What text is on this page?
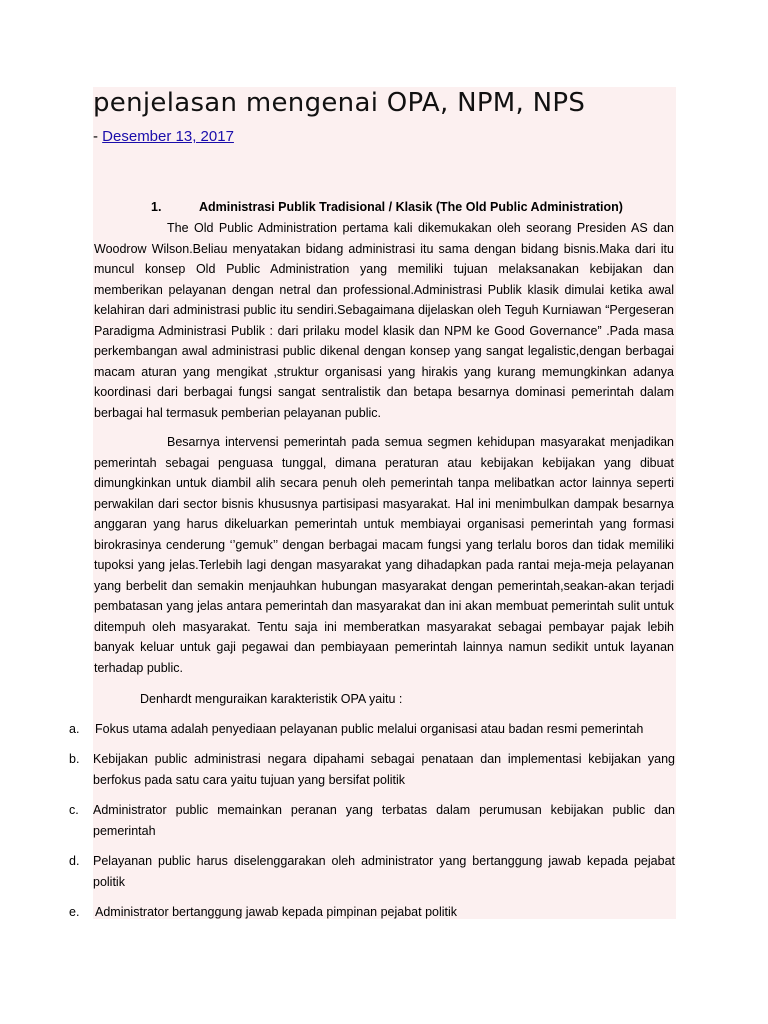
penjelasan mengenai OPA, NPM, NPS
- Desember 13, 2017
1.	Administrasi Publik Tradisional / Klasik (The Old Public Administration)

The Old Public Administration pertama kali dikemukakan oleh seorang Presiden AS dan Woodrow Wilson.Beliau menyatakan bidang administrasi itu sama dengan bidang bisnis.Maka dari itu muncul konsep Old Public Administration yang memiliki tujuan melaksanakan kebijakan dan memberikan pelayanan dengan netral dan professional.Administrasi Publik klasik dimulai ketika awal kelahiran dari administrasi public itu sendiri.Sebagaimana dijelaskan oleh Teguh Kurniawan “Pergeseran Paradigma Administrasi Publik : dari prilaku model klasik dan NPM ke Good Governance” .Pada masa perkembangan awal administrasi public dikenal dengan konsep yang sangat legalistic,dengan berbagai macam aturan yang mengikat ,struktur organisasi yang hirakis yang kurang memungkinkan adanya koordinasi dari berbagai fungsi sangat sentralistik dan betapa besarnya dominasi pemerintah dalam berbagai hal termasuk pemberian pelayanan public.

Besarnya intervensi pemerintah pada semua segmen kehidupan masyarakat menjadikan pemerintah sebagai penguasa tunggal, dimana peraturan atau kebijakan kebijakan yang dibuat dimungkinkan untuk diambil alih secara penuh oleh pemerintah tanpa melibatkan actor lainnya seperti perwakilan dari sector bisnis khususnya partisipasi masyarakat. Hal ini menimbulkan dampak besarnya anggaran yang harus dikeluarkan pemerintah untuk membiayai organisasi pemerintah yang formasi birokrasinya cenderung ‘’gemuk’’ dengan berbagai macam fungsi yang terlalu boros dan tidak memiliki tupoksi yang jelas.Terlebih lagi dengan masyarakat yang dihadapkan pada rantai meja-meja pelayanan yang berbelit dan semakin menjauhkan hubungan masyarakat dengan pemerintah,seakan-akan terjadi pembatasan yang jelas antara pemerintah dan masyarakat dan ini akan membuat pemerintah sulit untuk ditempuh oleh masyarakat. Tentu saja ini memberatkan masyarakat sebagai pembayar pajak lebih banyak keluar untuk gaji pegawai dan pembiayaan pemerintah lainnya namun sedikit untuk layanan terhadap public.

Denhardt menguraikan karakteristik OPA yaitu :

a. Fokus utama adalah penyediaan pelayanan public melalui organisasi atau badan resmi pemerintah
b. Kebijakan public administrasi negara dipahami sebagai penataan dan implementasi kebijakan yang berfokus pada satu cara yaitu tujuan yang bersifat politik
c. Administrator public memainkan peranan yang terbatas dalam perumusan kebijakan public dan pemerintah
d. Pelayanan public harus diselenggarakan oleh administrator yang bertanggung jawab kepada pejabat politik
e. Administrator bertanggung jawab kepada pimpinan pejabat politik
